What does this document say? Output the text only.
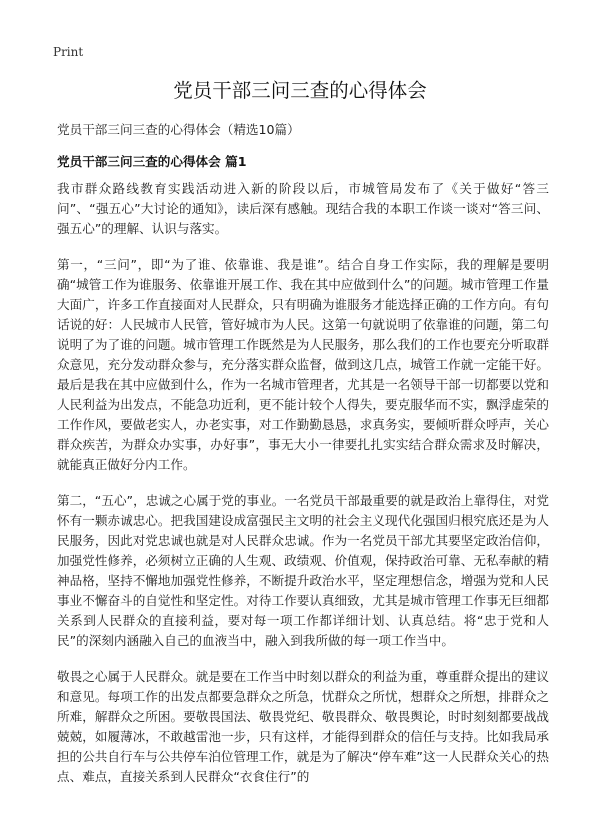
Print
党员干部三问三查的心得体会

党员干部三问三查的心得体会（精选10篇）

党员干部三问三查的心得体会 篇1

我市群众路线教育实践活动进入新的阶段以后，市城管局发布了《关于做好“答三问”、“强五心”大讨论的通知》，读后深有感触。现结合我的本职工作谈一谈对“答三问、强五心”的理解、认识与落实。

第一，“三问”，即“为了谁、依靠谁、我是谁”。结合自身工作实际，我的理解是要明确“城管工作为谁服务、依靠谁开展工作、我在其中应做到什么”的问题。城市管理工作量大面广，许多工作直接面对人民群众，只有明确为谁服务才能选择正确的工作方向。有句话说的好：人民城市人民管，管好城市为人民。这第一句就说明了依靠谁的问题，第二句说明了为了谁的问题。城市管理工作既然是为人民服务，那么我们的工作也要充分听取群众意见，充分发动群众参与，充分落实群众监督，做到这几点，城管工作就一定能干好。最后是我在其中应做到什么，作为一名城市管理者，尤其是一名领导干部一切都要以党和人民利益为出发点，不能急功近利，更不能计较个人得失，要克服华而不实，飘浮虚荣的工作作风，要做老实人，办老实事，对工作勤勤恳恳，求真务实，要倾听群众呼声，关心群众疾苦，为群众办实事，办好事”，事无大小一律要扎扎实实结合群众需求及时解决，就能真正做好分内工作。

第二，“五心”，忠诚之心属于党的事业。一名党员干部最重要的就是政治上靠得住，对党怀有一颗赤诚忠心。把我国建设成富强民主文明的社会主义现代化强国归根究底还是为人民服务，因此对党忠诚也就是对人民群众忠诚。作为一名党员干部尤其要坚定政治信仰，加强党性修养，必须树立正确的人生观、政绩观、价值观，保持政治可靠、无私奉献的精神品格，坚持不懈地加强党性修养，不断提升政治水平，坚定理想信念，增强为党和人民事业不懈奋斗的自觉性和坚定性。对待工作要认真细致，尤其是城市管理工作事无巨细都关系到人民群众的直接利益，要对每一项工作都详细计划、认真总结。将“忠于党和人民”的深刻内涵融入自己的血液当中，融入到我所做的每一项工作当中。

敬畏之心属于人民群众。就是要在工作当中时刻以群众的利益为重，尊重群众提出的建议和意见。每项工作的出发点都要急群众之所急，忧群众之所忧，想群众之所想，排群众之所难，解群众之所困。要敬畏国法、敬畏党纪、敬畏群众、敬畏舆论，时时刻刻都要战战兢兢，如履薄冰，不敢越雷池一步，只有这样，才能得到群众的信任与支持。比如我局承担的公共自行车与公共停车泊位管理工作，就是为了解决“停车难”这一人民群众关心的热点、难点，直接关系到人民群众“衣食住行”的
